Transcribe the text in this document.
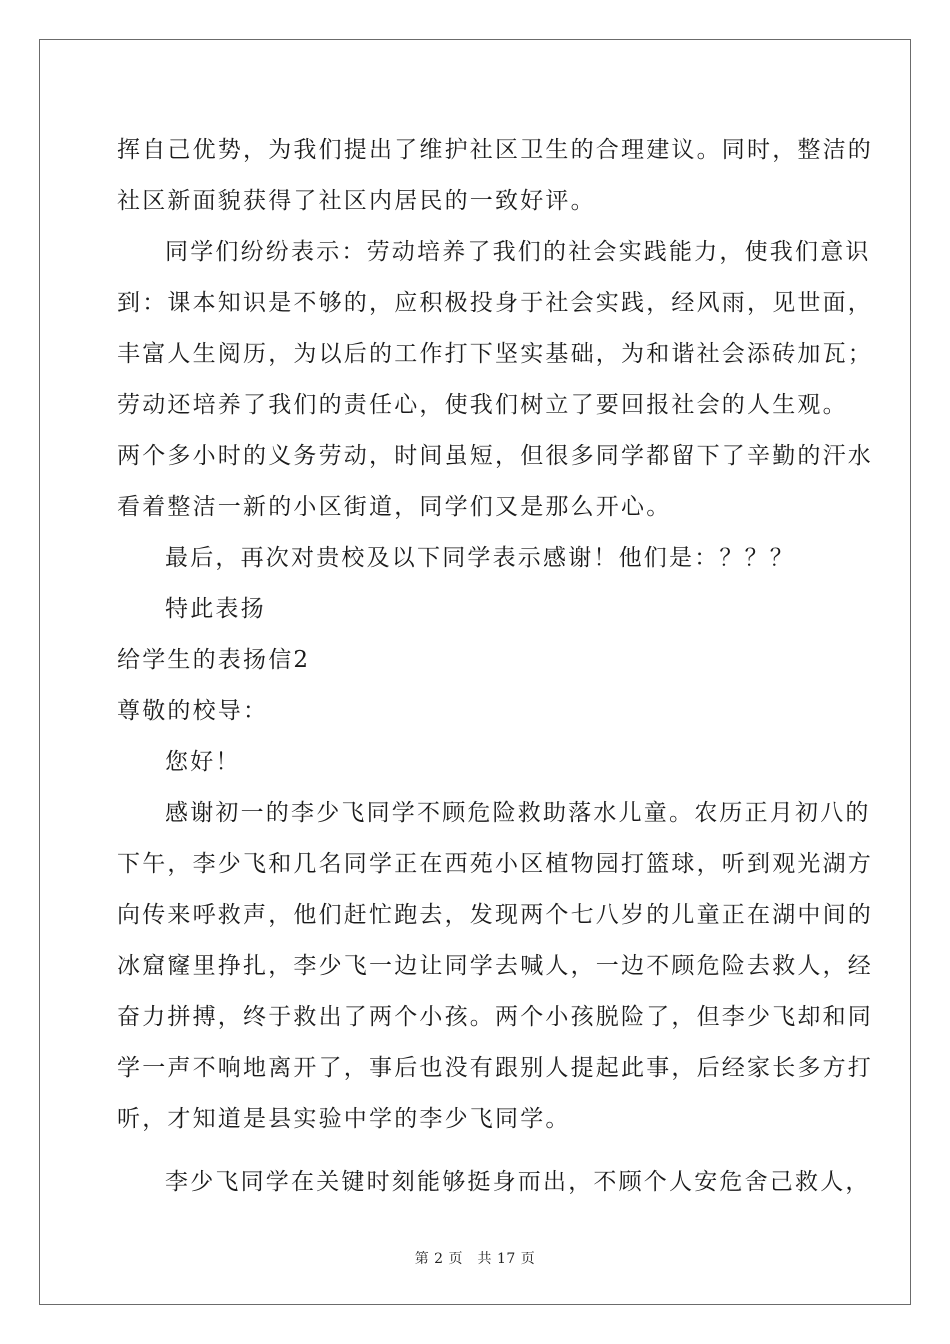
挥自己优势，为我们提出了维护社区卫生的合理建议。同时，整洁的
社区新面貌获得了社区内居民的一致好评。
同学们纷纷表示：劳动培养了我们的社会实践能力，使我们意识
到：课本知识是不够的，应积极投身于社会实践，经风雨，见世面，
丰富人生阅历，为以后的工作打下坚实基础，为和谐社会添砖加瓦；
劳动还培养了我们的责任心，使我们树立了要回报社会的人生观。
两个多小时的义务劳动，时间虽短，但很多同学都留下了辛勤的汗水
看着整洁一新的小区街道，同学们又是那么开心。
最后，再次对贵校及以下同学表示感谢！他们是：？？？
特此表扬
给学生的表扬信2
尊敬的校导：
您好！
感谢初一的李少飞同学不顾危险救助落水儿童。农历正月初八的
下午，李少飞和几名同学正在西苑小区植物园打篮球，听到观光湖方
向传来呼救声，他们赶忙跑去，发现两个七八岁的儿童正在湖中间的
冰窟窿里挣扎，李少飞一边让同学去喊人，一边不顾危险去救人，经
奋力拼搏，终于救出了两个小孩。两个小孩脱险了，但李少飞却和同
学一声不响地离开了，事后也没有跟别人提起此事，后经家长多方打
听，才知道是县实验中学的李少飞同学。
李少飞同学在关键时刻能够挺身而出，不顾个人安危舍己救人，
第 2 页　共 17 页
